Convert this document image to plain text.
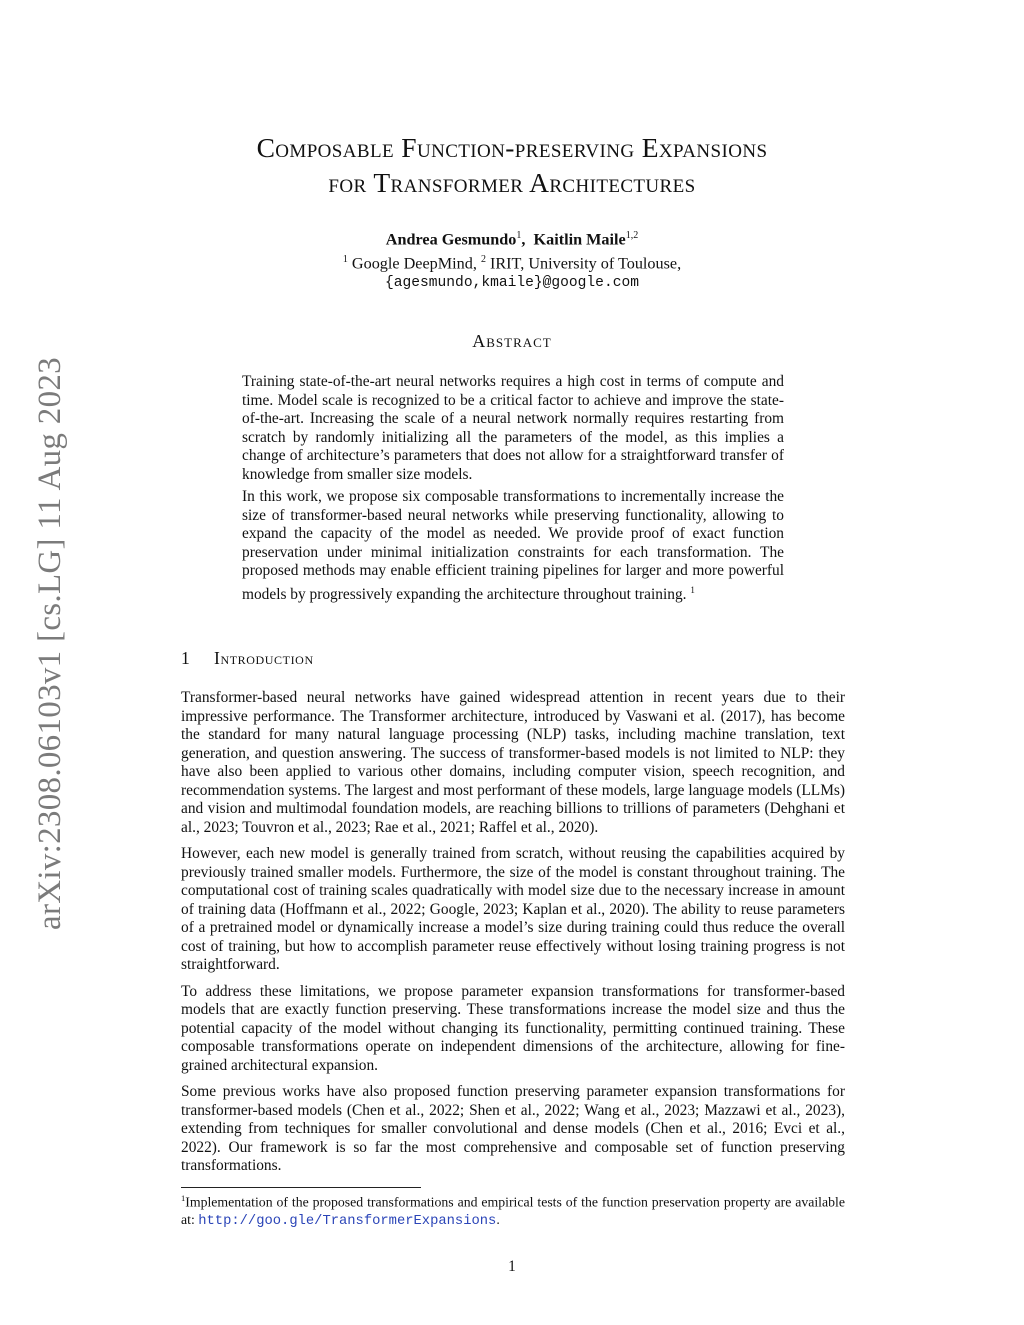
arXiv:2308.06103v1 [cs.LG] 11 Aug 2023
Composable Function-preserving Expansions
for Transformer Architectures
Andrea Gesmundo$^1$,  Kaitlin Maile$^{1,2}$
$^1$ Google DeepMind, $^2$ IRIT, University of Toulouse,
{agesmundo,kmaile}@google.com
Abstract

Training state-of-the-art neural networks requires a high cost in terms of compute and time. Model scale is recognized to be a critical factor to achieve and improve the state-of-the-art. Increasing the scale of a neural network normally requires restarting from scratch by randomly initializing all the parameters of the model, as this implies a change of architecture’s parameters that does not allow for a straightforward transfer of knowledge from smaller size models.

In this work, we propose six composable transformations to incrementally increase the size of transformer-based neural networks while preserving functionality, allowing to expand the capacity of the model as needed. We provide proof of exact function preservation under minimal initialization constraints for each transformation. The proposed methods may enable efficient training pipelines for larger and more powerful models by progressively expanding the architecture throughout training. $^1$

1 Introduction

Transformer-based neural networks have gained widespread attention in recent years due to their impressive performance. The Transformer architecture, introduced by Vaswani et al. (2017), has become the standard for many natural language processing (NLP) tasks, including machine translation, text generation, and question answering. The success of transformer-based models is not limited to NLP: they have also been applied to various other domains, including computer vision, speech recognition, and recommendation systems. The largest and most performant of these models, large language models (LLMs) and vision and multimodal foundation models, are reaching billions to trillions of parameters (Dehghani et al., 2023; Touvron et al., 2023; Rae et al., 2021; Raffel et al., 2020).

However, each new model is generally trained from scratch, without reusing the capabilities acquired by previously trained smaller models. Furthermore, the size of the model is constant throughout training. The computational cost of training scales quadratically with model size due to the necessary increase in amount of training data (Hoffmann et al., 2022; Google, 2023; Kaplan et al., 2020). The ability to reuse parameters of a pretrained model or dynamically increase a model’s size during training could thus reduce the overall cost of training, but how to accomplish parameter reuse effectively without losing training progress is not straightforward.

To address these limitations, we propose parameter expansion transformations for transformer-based models that are exactly function preserving. These transformations increase the model size and thus the potential capacity of the model without changing its functionality, permitting continued training. These composable transformations operate on independent dimensions of the architecture, allowing for fine-grained architectural expansion.

Some previous works have also proposed function preserving parameter expansion transformations for transformer-based models (Chen et al., 2022; Shen et al., 2022; Wang et al., 2023; Mazzawi et al., 2023), extending from techniques for smaller convolutional and dense models (Chen et al., 2016; Evci et al., 2022). Our framework is so far the most comprehensive and composable set of function preserving transformations.

$^1$Implementation of the proposed transformations and empirical tests of the function preservation property are available at: http://goo.gle/TransformerExpansions.
1
